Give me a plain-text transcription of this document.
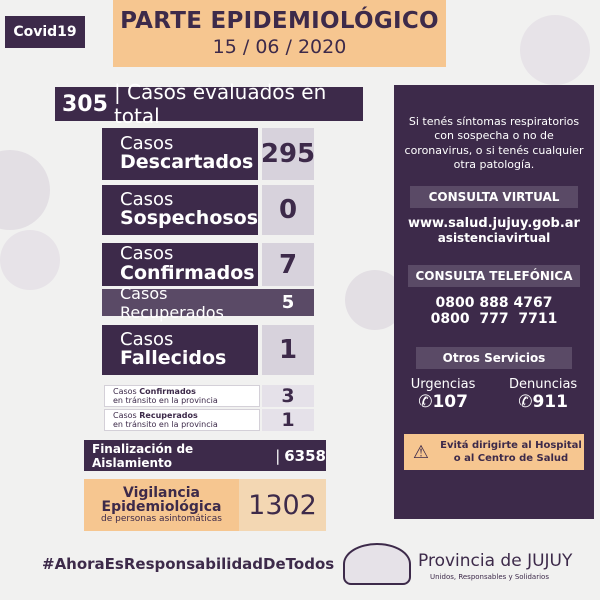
Covid19	PARTE EPIDEMIOLÓGICO
15 / 06 / 2020
305 | Casos evaluados en total
Casos
Descartados 295
Casos
Sospechosos 0
Casos
Confirmados 7
Casos Recuperados	5
Casos
Fallecidos	1
Casos Confirmados
en tránsito en la provincia	3
Casos Recuperados
en tránsito en la provincia	1
Finalización de Aislamiento	| 6358
Vigilancia
Epidemiológica
de personas asintomáticas 1302
Si tenés síntomas respiratorios con sospecha o no de coronavirus, o si tenés cualquier otra patología.
CONSULTA VIRTUAL
www.salud.jujuy.gob.ar
asistenciavirtual
CONSULTA TELEFÓNICA
0800 888 4767
0800  777  7711
Otros Servicios
Urgencias
✆107
Denuncias
✆911
⚠	Evitá dirigirte al Hospital
o al Centro de Salud
#AhoraEsResponsabilidadDeTodos	Provincia de JUJUY
Unidos, Responsables y Solidarios
